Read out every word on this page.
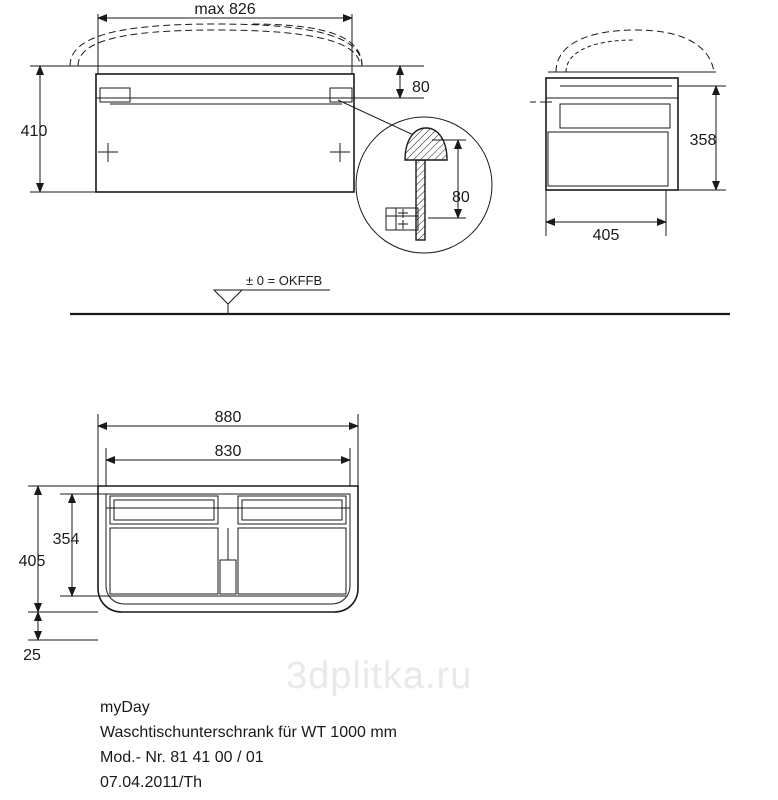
max 826
410
80
80
358
405
± 0 = OKFFB
880
830
354
405
25	3dplitka.ru
myDay
Waschtischunterschrank für WT 1000 mm
Mod.- Nr. 81 41 00 / 01
07.04.2011/Th
